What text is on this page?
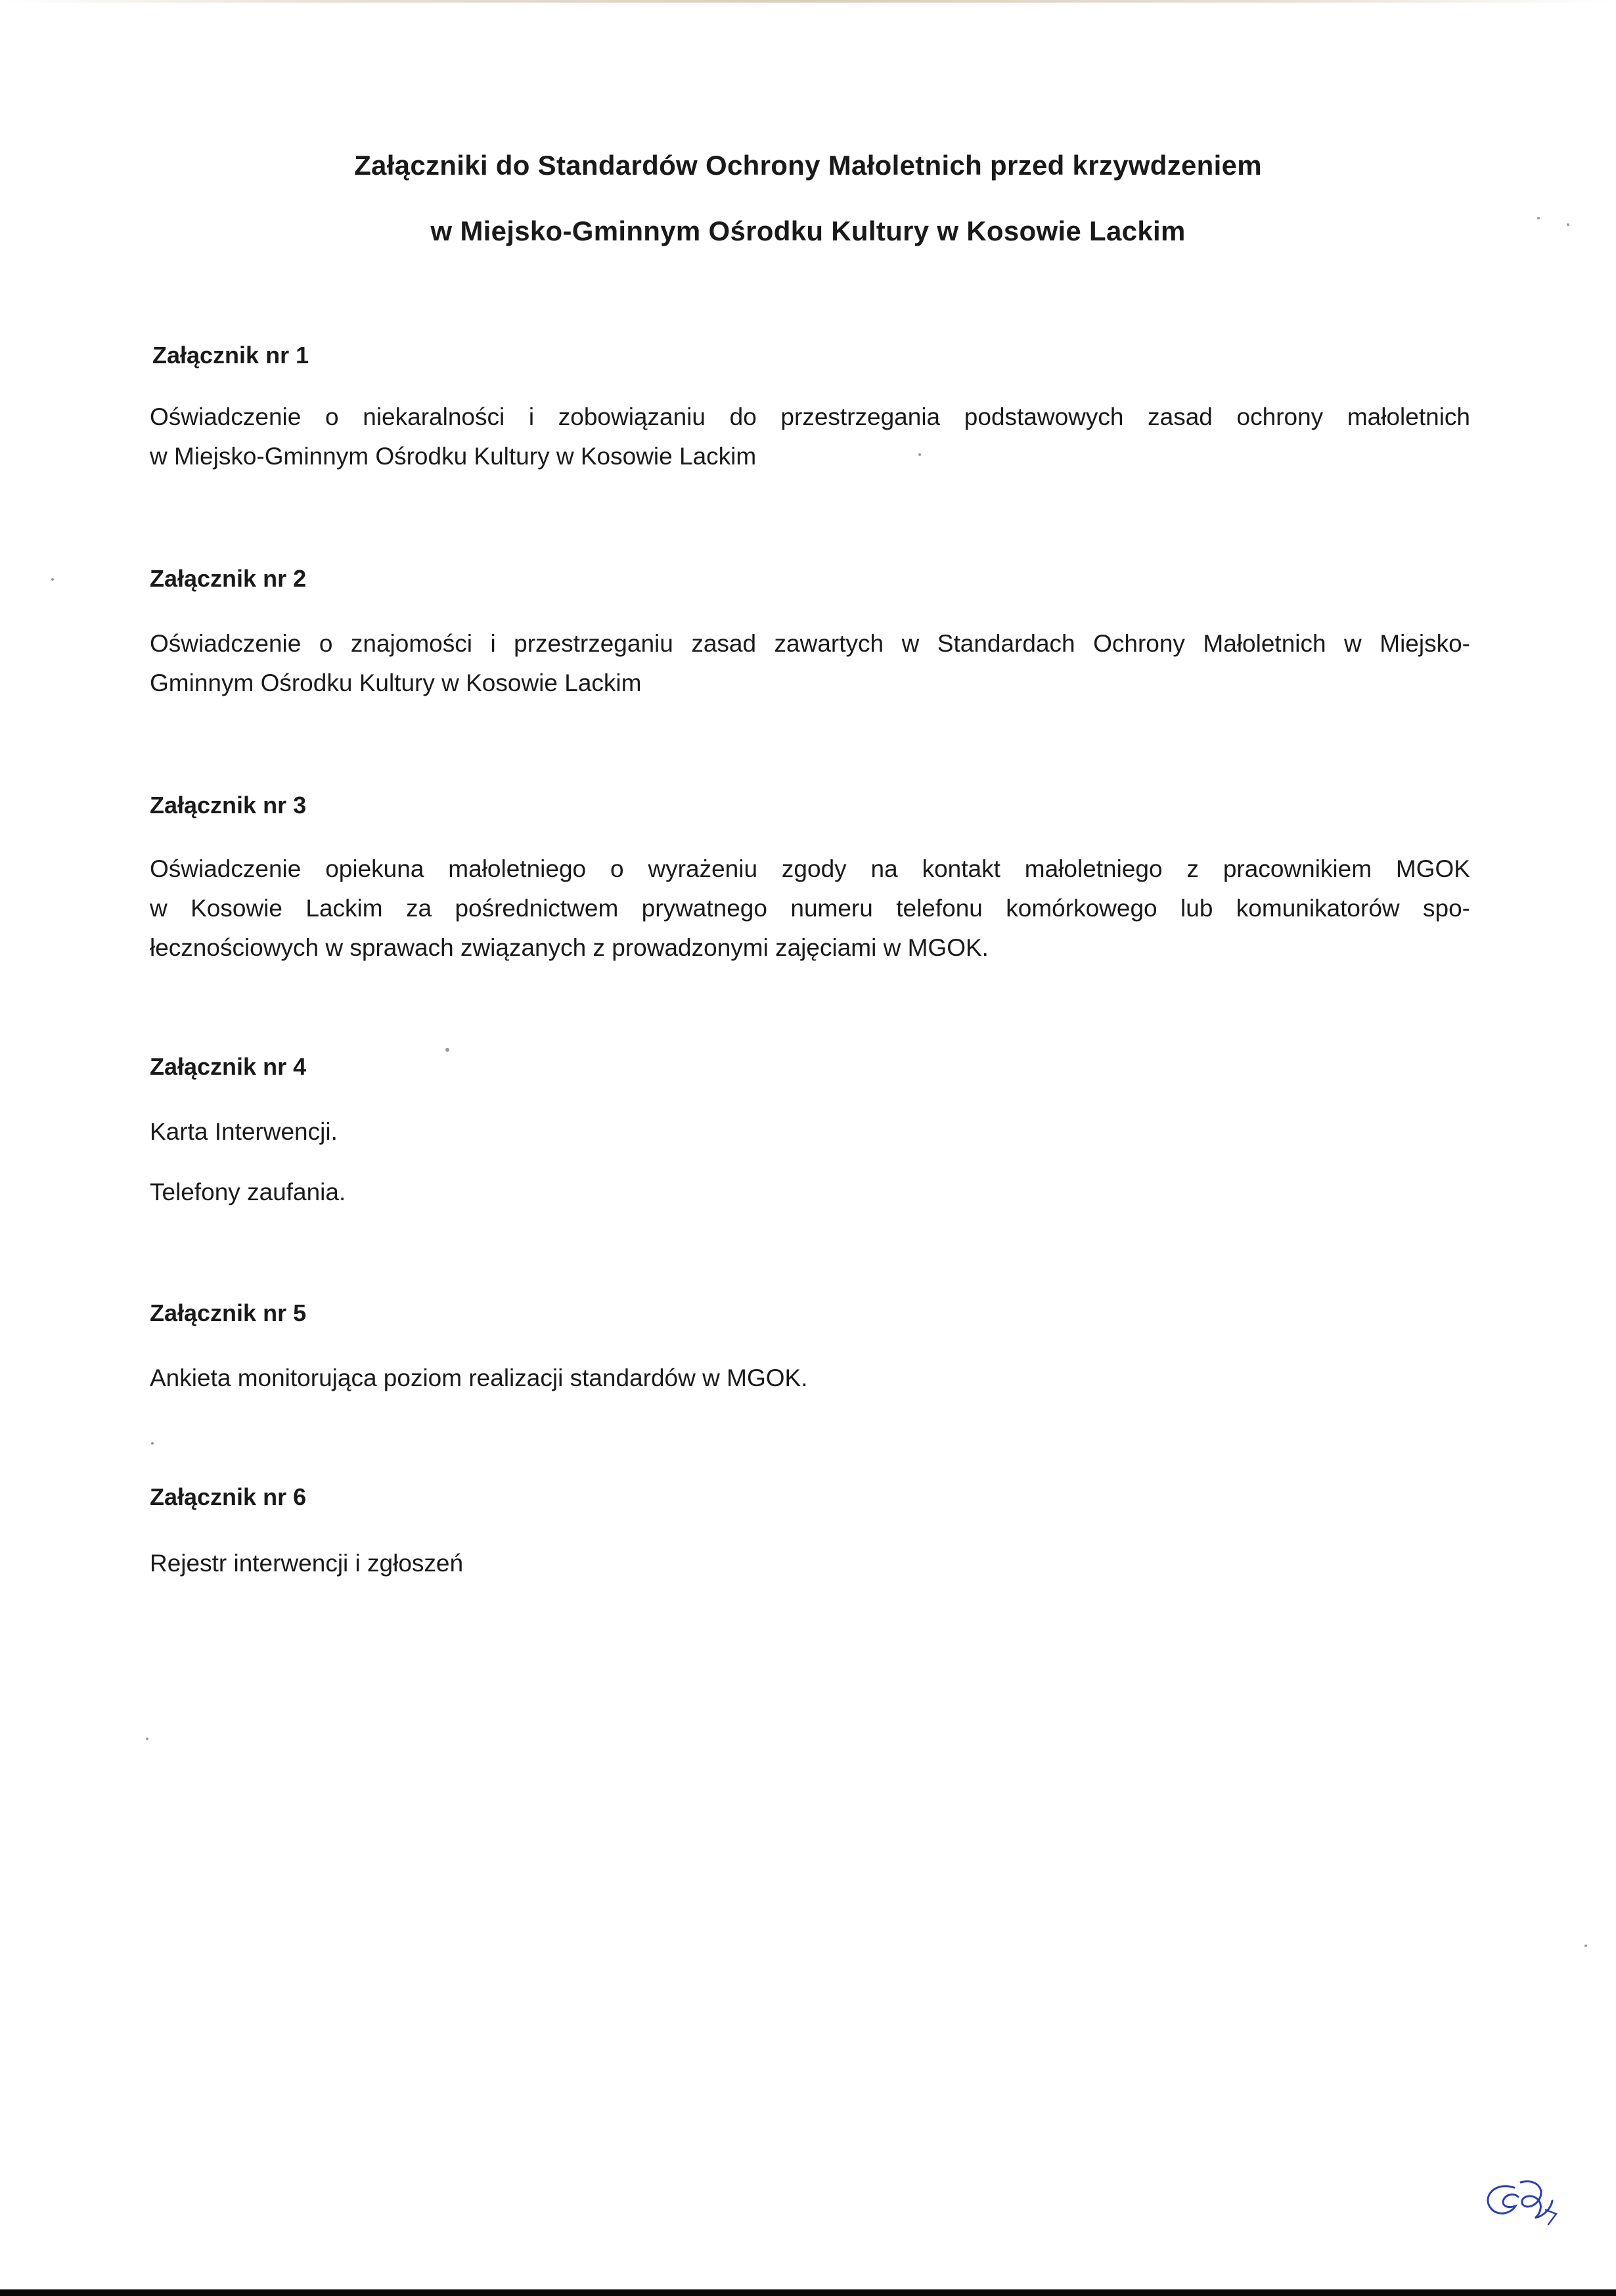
Załączniki do Standardów Ochrony Małoletnich przed krzywdzeniem
w Miejsko-Gminnym Ośrodku Kultury w Kosowie Lackim
Załącznik nr 1

Oświadczenie o niekaralności i zobowiązaniu do przestrzegania podstawowych zasad ochrony małoletnich
w Miejsko-Gminnym Ośrodku Kultury w Kosowie Lackim

Załącznik nr 2

Oświadczenie o znajomości i przestrzeganiu zasad zawartych w Standardach Ochrony Małoletnich w Miejsko-
Gminnym Ośrodku Kultury w Kosowie Lackim

Załącznik nr 3

Oświadczenie opiekuna małoletniego o wyrażeniu zgody na kontakt małoletniego z pracownikiem MGOK
w Kosowie Lackim za pośrednictwem prywatnego numeru telefonu komórkowego lub komunikatorów spo-
łecznościowych w sprawach związanych z prowadzonymi zajęciami w MGOK.

Załącznik nr 4

Karta Interwencji.

Telefony zaufania.

Załącznik nr 5

Ankieta monitorująca poziom realizacji standardów w MGOK.

Załącznik nr 6

Rejestr interwencji i zgłoszeń
